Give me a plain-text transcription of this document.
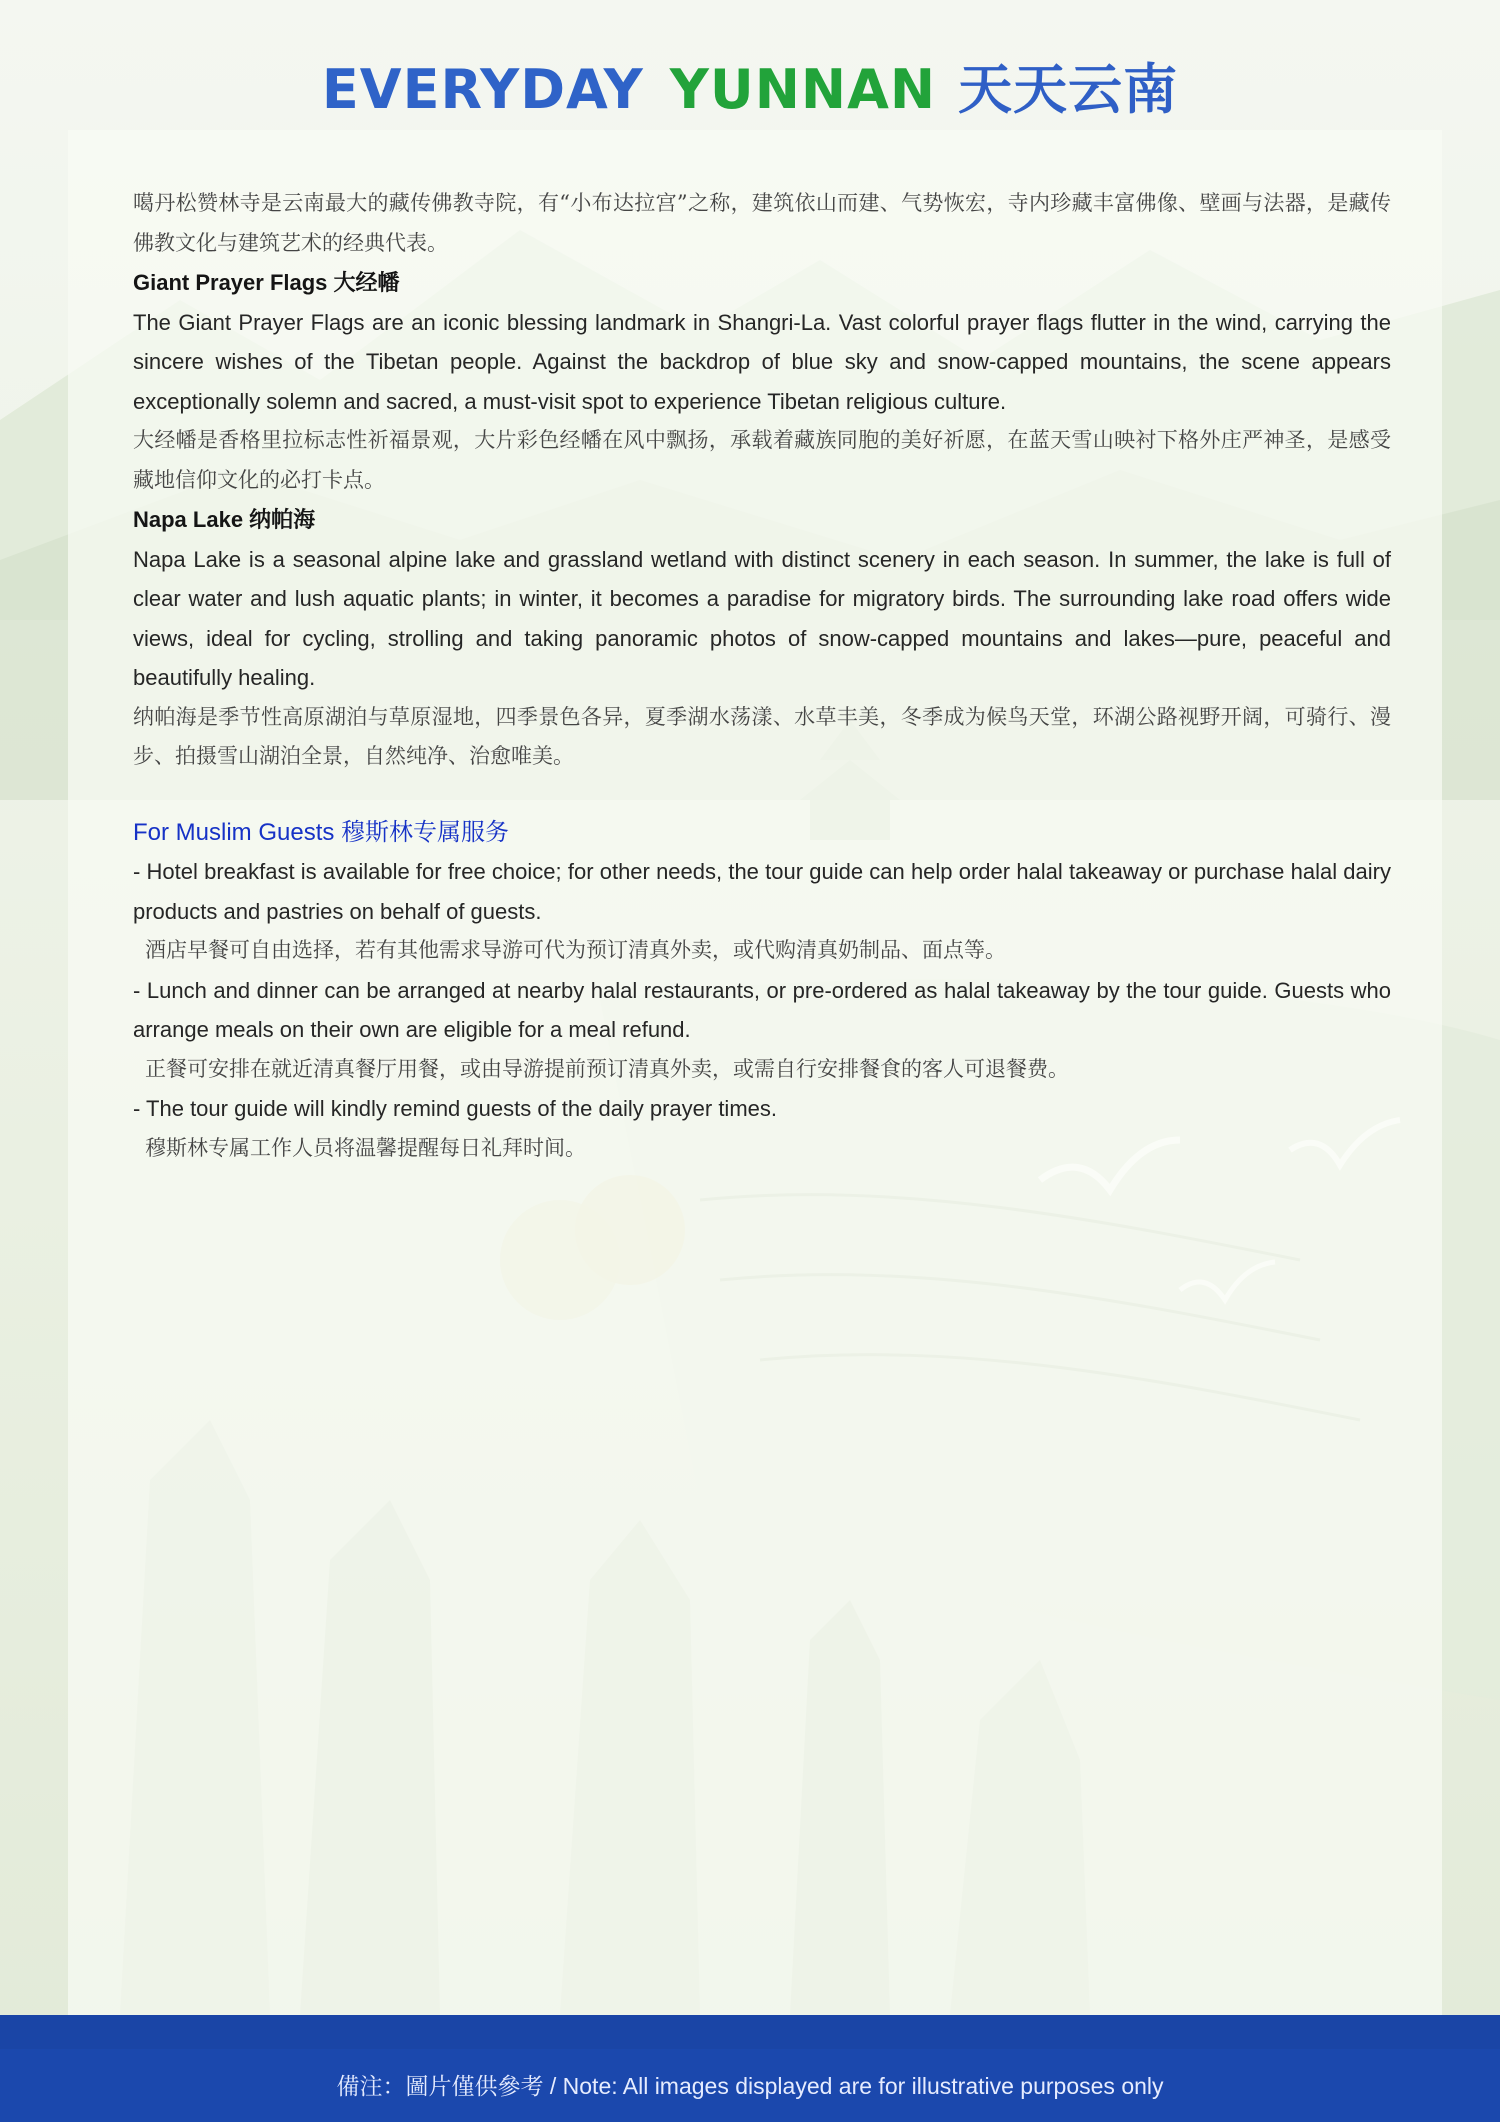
EVERYDAY YUNNAN 天天云南

噶丹松赞林寺是云南最大的藏传佛教寺院，有“小布达拉宫”之称，建筑依山而建、气势恢宏，寺内珍藏丰富佛像、壁画与法器，是藏传佛教文化与建筑艺术的经典代表。

Giant Prayer Flags 大经幡

The Giant Prayer Flags are an iconic blessing landmark in Shangri-La. Vast colorful prayer flags flutter in the wind, carrying the sincere wishes of the Tibetan people. Against the backdrop of blue sky and snow-capped mountains, the scene appears exceptionally solemn and sacred, a must-visit spot to experience Tibetan religious culture.

大经幡是香格里拉标志性祈福景观，大片彩色经幡在风中飘扬，承载着藏族同胞的美好祈愿，在蓝天雪山映衬下格外庄严神圣，是感受藏地信仰文化的必打卡点。

Napa Lake 纳帕海

Napa Lake is a seasonal alpine lake and grassland wetland with distinct scenery in each season. In summer, the lake is full of clear water and lush aquatic plants; in winter, it becomes a paradise for migratory birds. The surrounding lake road offers wide views, ideal for cycling, strolling and taking panoramic photos of snow-capped mountains and lakes—pure, peaceful and beautifully healing.

纳帕海是季节性高原湖泊与草原湿地，四季景色各异，夏季湖水荡漾、水草丰美，冬季成为候鸟天堂，环湖公路视野开阔，可骑行、漫步、拍摄雪山湖泊全景，自然纯净、治愈唯美。

For Muslim Guests 穆斯林专属服务

- Hotel breakfast is available for free choice; for other needs, the tour guide can help order halal takeaway or purchase halal dairy products and pastries on behalf of guests.

酒店早餐可自由选择，若有其他需求导游可代为预订清真外卖，或代购清真奶制品、面点等。

- Lunch and dinner can be arranged at nearby halal restaurants, or pre-ordered as halal takeaway by the tour guide. Guests who arrange meals on their own are eligible for a meal refund.

正餐可安排在就近清真餐厅用餐，或由导游提前预订清真外卖，或需自行安排餐食的客人可退餐费。

- The tour guide will kindly remind guests of the daily prayer times.

穆斯林专属工作人员将温馨提醒每日礼拜时间。

備注：圖片僅供參考 / Note: All images displayed are for illustrative purposes only
